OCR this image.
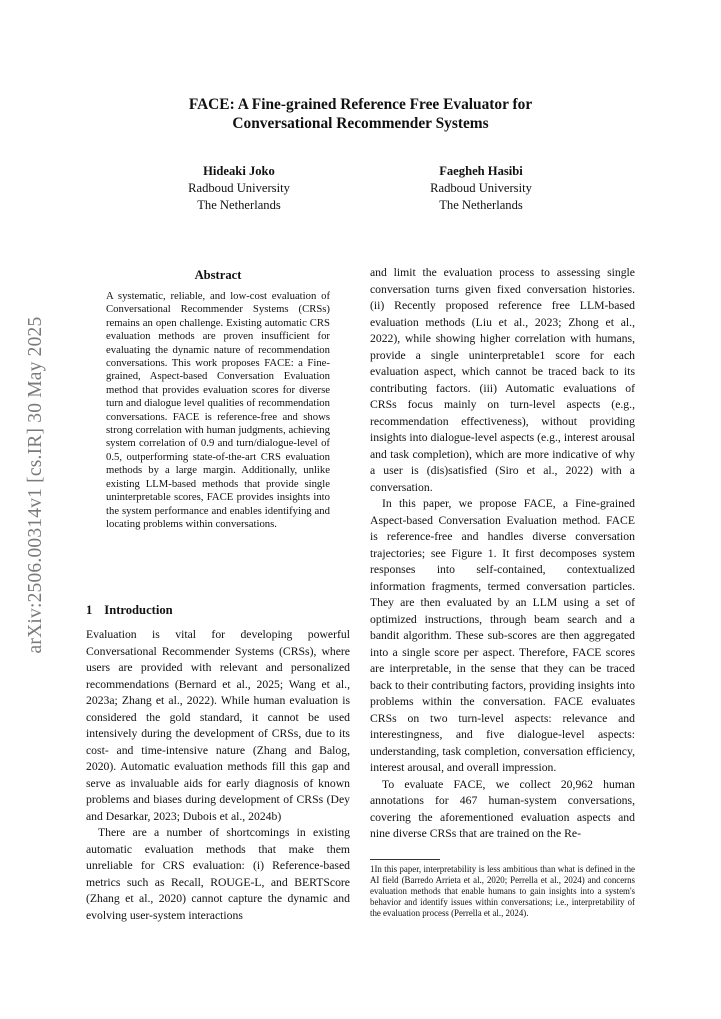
FACE: A Fine-grained Reference Free Evaluator for
Conversational Recommender Systems
Hideaki Joko
Radboud University
The Netherlands
Faegheh Hasibi
Radboud University
The Netherlands
arXiv:2506.00314v1 [cs.IR] 30 May 2025
Abstract
A systematic, reliable, and low-cost evaluation of Conversational Recommender Systems (CRSs) remains an open challenge. Existing automatic CRS evaluation methods are proven insufficient for evaluating the dynamic nature of recommendation conversations. This work proposes FACE: a Fine-grained, Aspect-based Conversation Evaluation method that provides evaluation scores for diverse turn and dialogue level qualities of recommendation conversations. FACE is reference-free and shows strong correlation with human judgments, achieving system correlation of 0.9 and turn/dialogue-level of 0.5, outperforming state-of-the-art CRS evaluation methods by a large margin. Additionally, unlike existing LLM-based methods that provide single uninterpretable scores, FACE provides insights into the system performance and enables identifying and locating problems within conversations.
1 Introduction

Evaluation is vital for developing powerful Conversational Recommender Systems (CRSs), where users are provided with relevant and personalized recommendations (Bernard et al., 2025; Wang et al., 2023a; Zhang et al., 2022). While human evaluation is considered the gold standard, it cannot be used intensively during the development of CRSs, due to its cost- and time-intensive nature (Zhang and Balog, 2020). Automatic evaluation methods fill this gap and serve as invaluable aids for early diagnosis of known problems and biases during development of CRSs (Dey and Desarkar, 2023; Dubois et al., 2024b)

There are a number of shortcomings in existing automatic evaluation methods that make them unreliable for CRS evaluation: (i) Reference-based metrics such as Recall, ROUGE-L, and BERTScore (Zhang et al., 2020) cannot capture the dynamic and evolving user-system interactions

and limit the evaluation process to assessing single conversation turns given fixed conversation histories. (ii) Recently proposed reference free LLM-based evaluation methods (Liu et al., 2023; Zhong et al., 2022), while showing higher correlation with humans, provide a single uninterpretable1 score for each evaluation aspect, which cannot be traced back to its contributing factors. (iii) Automatic evaluations of CRSs focus mainly on turn-level aspects (e.g., recommendation effectiveness), without providing insights into dialogue-level aspects (e.g., interest arousal and task completion), which are more indicative of why a user is (dis)satisfied (Siro et al., 2022) with a conversation.

In this paper, we propose FACE, a Fine-grained Aspect-based Conversation Evaluation method. FACE is reference-free and handles diverse conversation trajectories; see Figure 1. It first decomposes system responses into self-contained, contextualized information fragments, termed conversation particles. They are then evaluated by an LLM using a set of optimized instructions, through beam search and a bandit algorithm. These sub-scores are then aggregated into a single score per aspect. Therefore, FACE scores are interpretable, in the sense that they can be traced back to their contributing factors, providing insights into problems within the conversation. FACE evaluates CRSs on two turn-level aspects: relevance and interestingness, and five dialogue-level aspects: understanding, task completion, conversation efficiency, interest arousal, and overall impression.

To evaluate FACE, we collect 20,962 human annotations for 467 human-system conversations, covering the aforementioned evaluation aspects and nine diverse CRSs that are trained on the Re-

1In this paper, interpretability is less ambitious than what is defined in the AI field (Barredo Arrieta et al., 2020; Perrella et al., 2024) and concerns evaluation methods that enable humans to gain insights into a system's behavior and identify issues within conversations; i.e., interpretability of the evaluation process (Perrella et al., 2024).
